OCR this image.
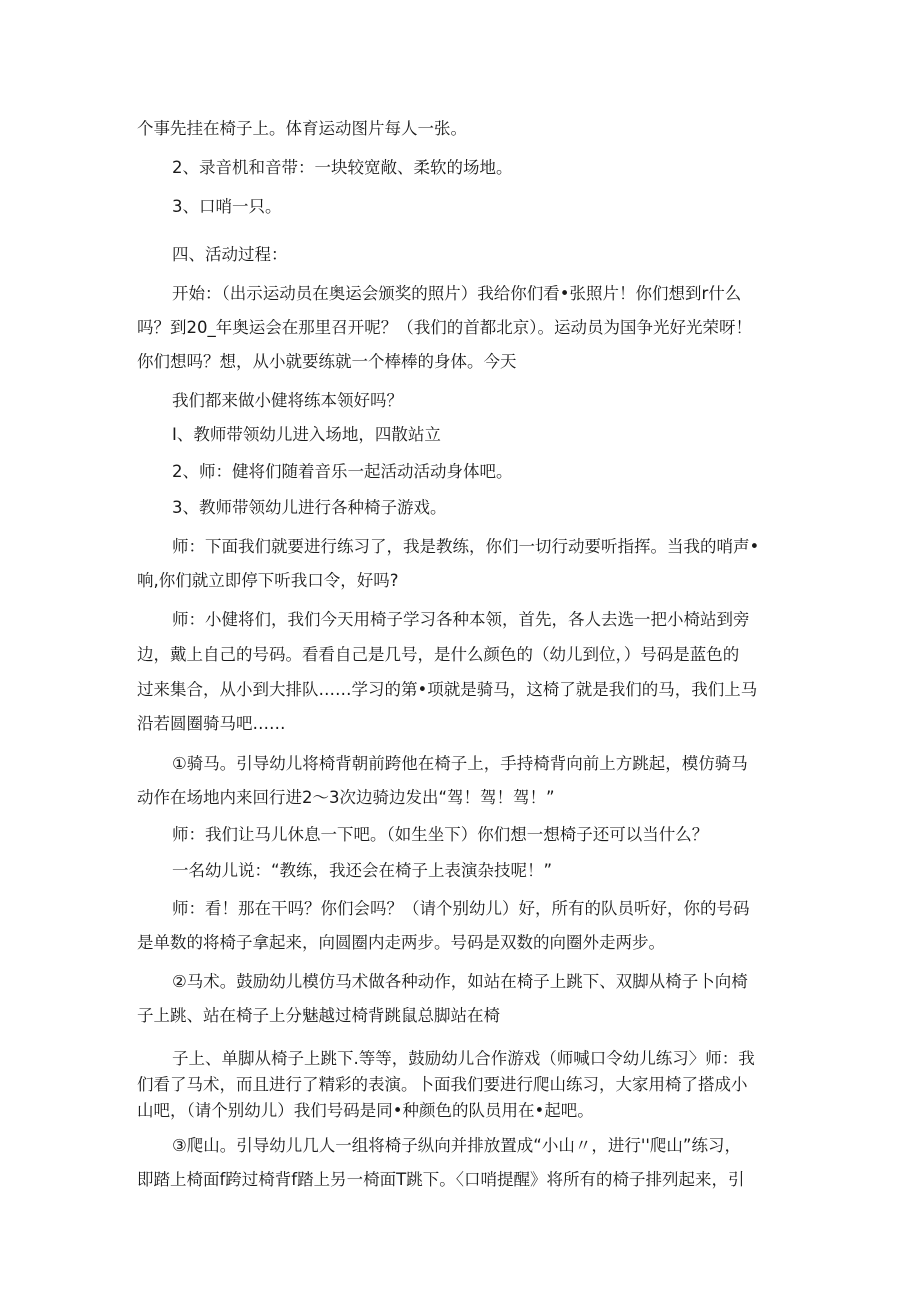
个事先挂在椅子上。体育运动图片每人一张。
2、录音机和音带：一块较宽敞、柔软的场地。
3、口哨一只。
四、活动过程：
开始：（出示运动员在奥运会颁奖的照片）我给你们看•张照片！你们想到r什么
吗？到20_年奥运会在那里召开呢？（我们的首都北京）。运动员为国争光好光荣呀！
你们想吗？想，从小就要练就一个棒棒的身体。今天
我们都来做小健将练本领好吗？
I、教师带领幼儿进入场地，四散站立
2、师：健将们随着音乐一起活动活动身体吧。
3、教师带领幼儿进行各种椅子游戏。
师：下面我们就要进行练习了，我是教练，你们一切行动要听指挥。当我的哨声•
响,你们就立即停下听我口令，好吗?
师：小健将们，我们今天用椅子学习各种本领，首先，各人去选一把小椅站到旁
边，戴上自己的号码。看看自己是几号，是什么颜色的（幼儿到位，）号码是蓝色的
过来集合，从小到大排队……学习的第•项就是骑马，这椅了就是我们的马，我们上马
沿若圆圈骑马吧……
①骑马。引导幼儿将椅背朝前跨他在椅子上，手持椅背向前上方跳起，模仿骑马
动作在场地内来回行进2〜3次边骑边发出“驾！驾！驾！”
师：我们让马儿休息一下吧。（如生坐下）你们想一想椅子还可以当什么？
一名幼儿说：“教练，我还会在椅子上表演杂技呢！”
师：看！那在干吗？你们会吗？（请个别幼儿）好，所有的队员听好，你的号码
是单数的将椅子拿起来，向圆圈内走两步。号码是双数的向圈外走两步。
②马术。鼓励幼儿模仿马术做各种动作，如站在椅子上跳下、双脚从椅子卜向椅
子上跳、站在椅子上分魅越过椅背跳鼠总脚站在椅
子上、单脚从椅子上跳下.等等，鼓励幼儿合作游戏（师喊口令幼儿练习〉师：我
们看了马术，而且进行了精彩的表演。卜面我们要进行爬山练习，大家用椅了搭成小
山吧，（请个别幼儿）我们号码是同•种颜色的队员用在•起吧。
③爬山。引导幼儿几人一组将椅子纵向并排放置成“小山〃，进行''爬山”练习，
即踏上椅面f跨过椅背f踏上另一椅面T跳下。〈口哨提醒》将所有的椅子排列起来，引
